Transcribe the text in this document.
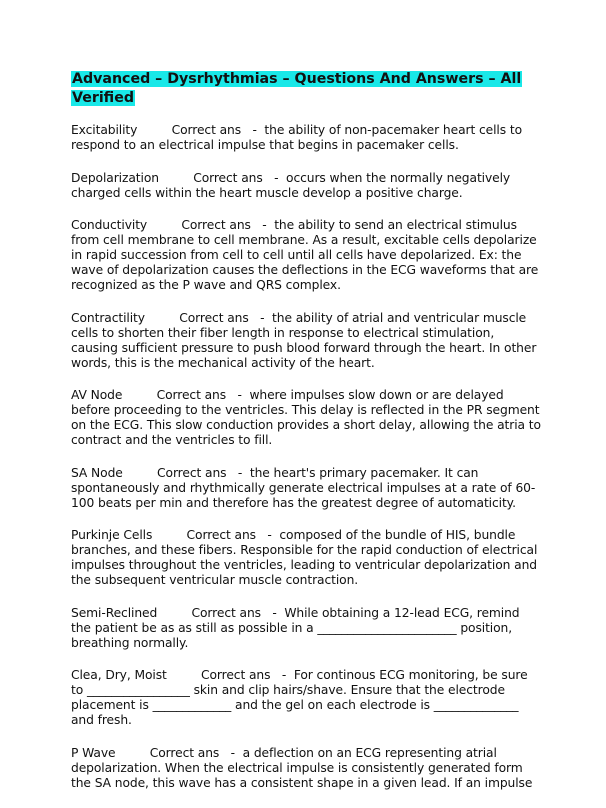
Advanced – Dysrhythmias – Questions And Answers – All Verified

Excitability         Correct ans   -  the ability of non-pacemaker heart cells to respond to an electrical impulse that begins in pacemaker cells.

Depolarization         Correct ans   -  occurs when the normally negatively charged cells within the heart muscle develop a positive charge.

Conductivity         Correct ans   -  the ability to send an electrical stimulus from cell membrane to cell membrane. As a result, excitable cells depolarize in rapid succession from cell to cell until all cells have depolarized. Ex: the wave of depolarization causes the deflections in the ECG waveforms that are recognized as the P wave and QRS complex.

Contractility         Correct ans   -  the ability of atrial and ventricular muscle cells to shorten their fiber length in response to electrical stimulation, causing sufficient pressure to push blood forward through the heart. In other words, this is the mechanical activity of the heart.

AV Node         Correct ans   -  where impulses slow down or are delayed before proceeding to the ventricles. This delay is reflected in the PR segment on the ECG. This slow conduction provides a short delay, allowing the atria to contract and the ventricles to fill.

SA Node         Correct ans   -  the heart's primary pacemaker. It can spontaneously and rhythmically generate electrical impulses at a rate of 60-100 beats per min and therefore has the greatest degree of automaticity.

Purkinje Cells         Correct ans   -  composed of the bundle of HIS, bundle branches, and these fibers. Responsible for the rapid conduction of electrical impulses throughout the ventricles, leading to ventricular depolarization and the subsequent ventricular muscle contraction.

Semi-Reclined         Correct ans   -  While obtaining a 12-lead ECG, remind the patient be as as still as possible in a _______________________ position, breathing normally.

Clea, Dry, Moist         Correct ans   -  For continous ECG monitoring, be sure to _________________ skin and clip hairs/shave. Ensure that the electrode placement is _____________ and the gel on each electrode is ______________ and fresh.

P Wave         Correct ans   -  a deflection on an ECG representing atrial depolarization. When the electrical impulse is consistently generated form the SA node, this wave has a consistent shape in a given lead. If an impulse
